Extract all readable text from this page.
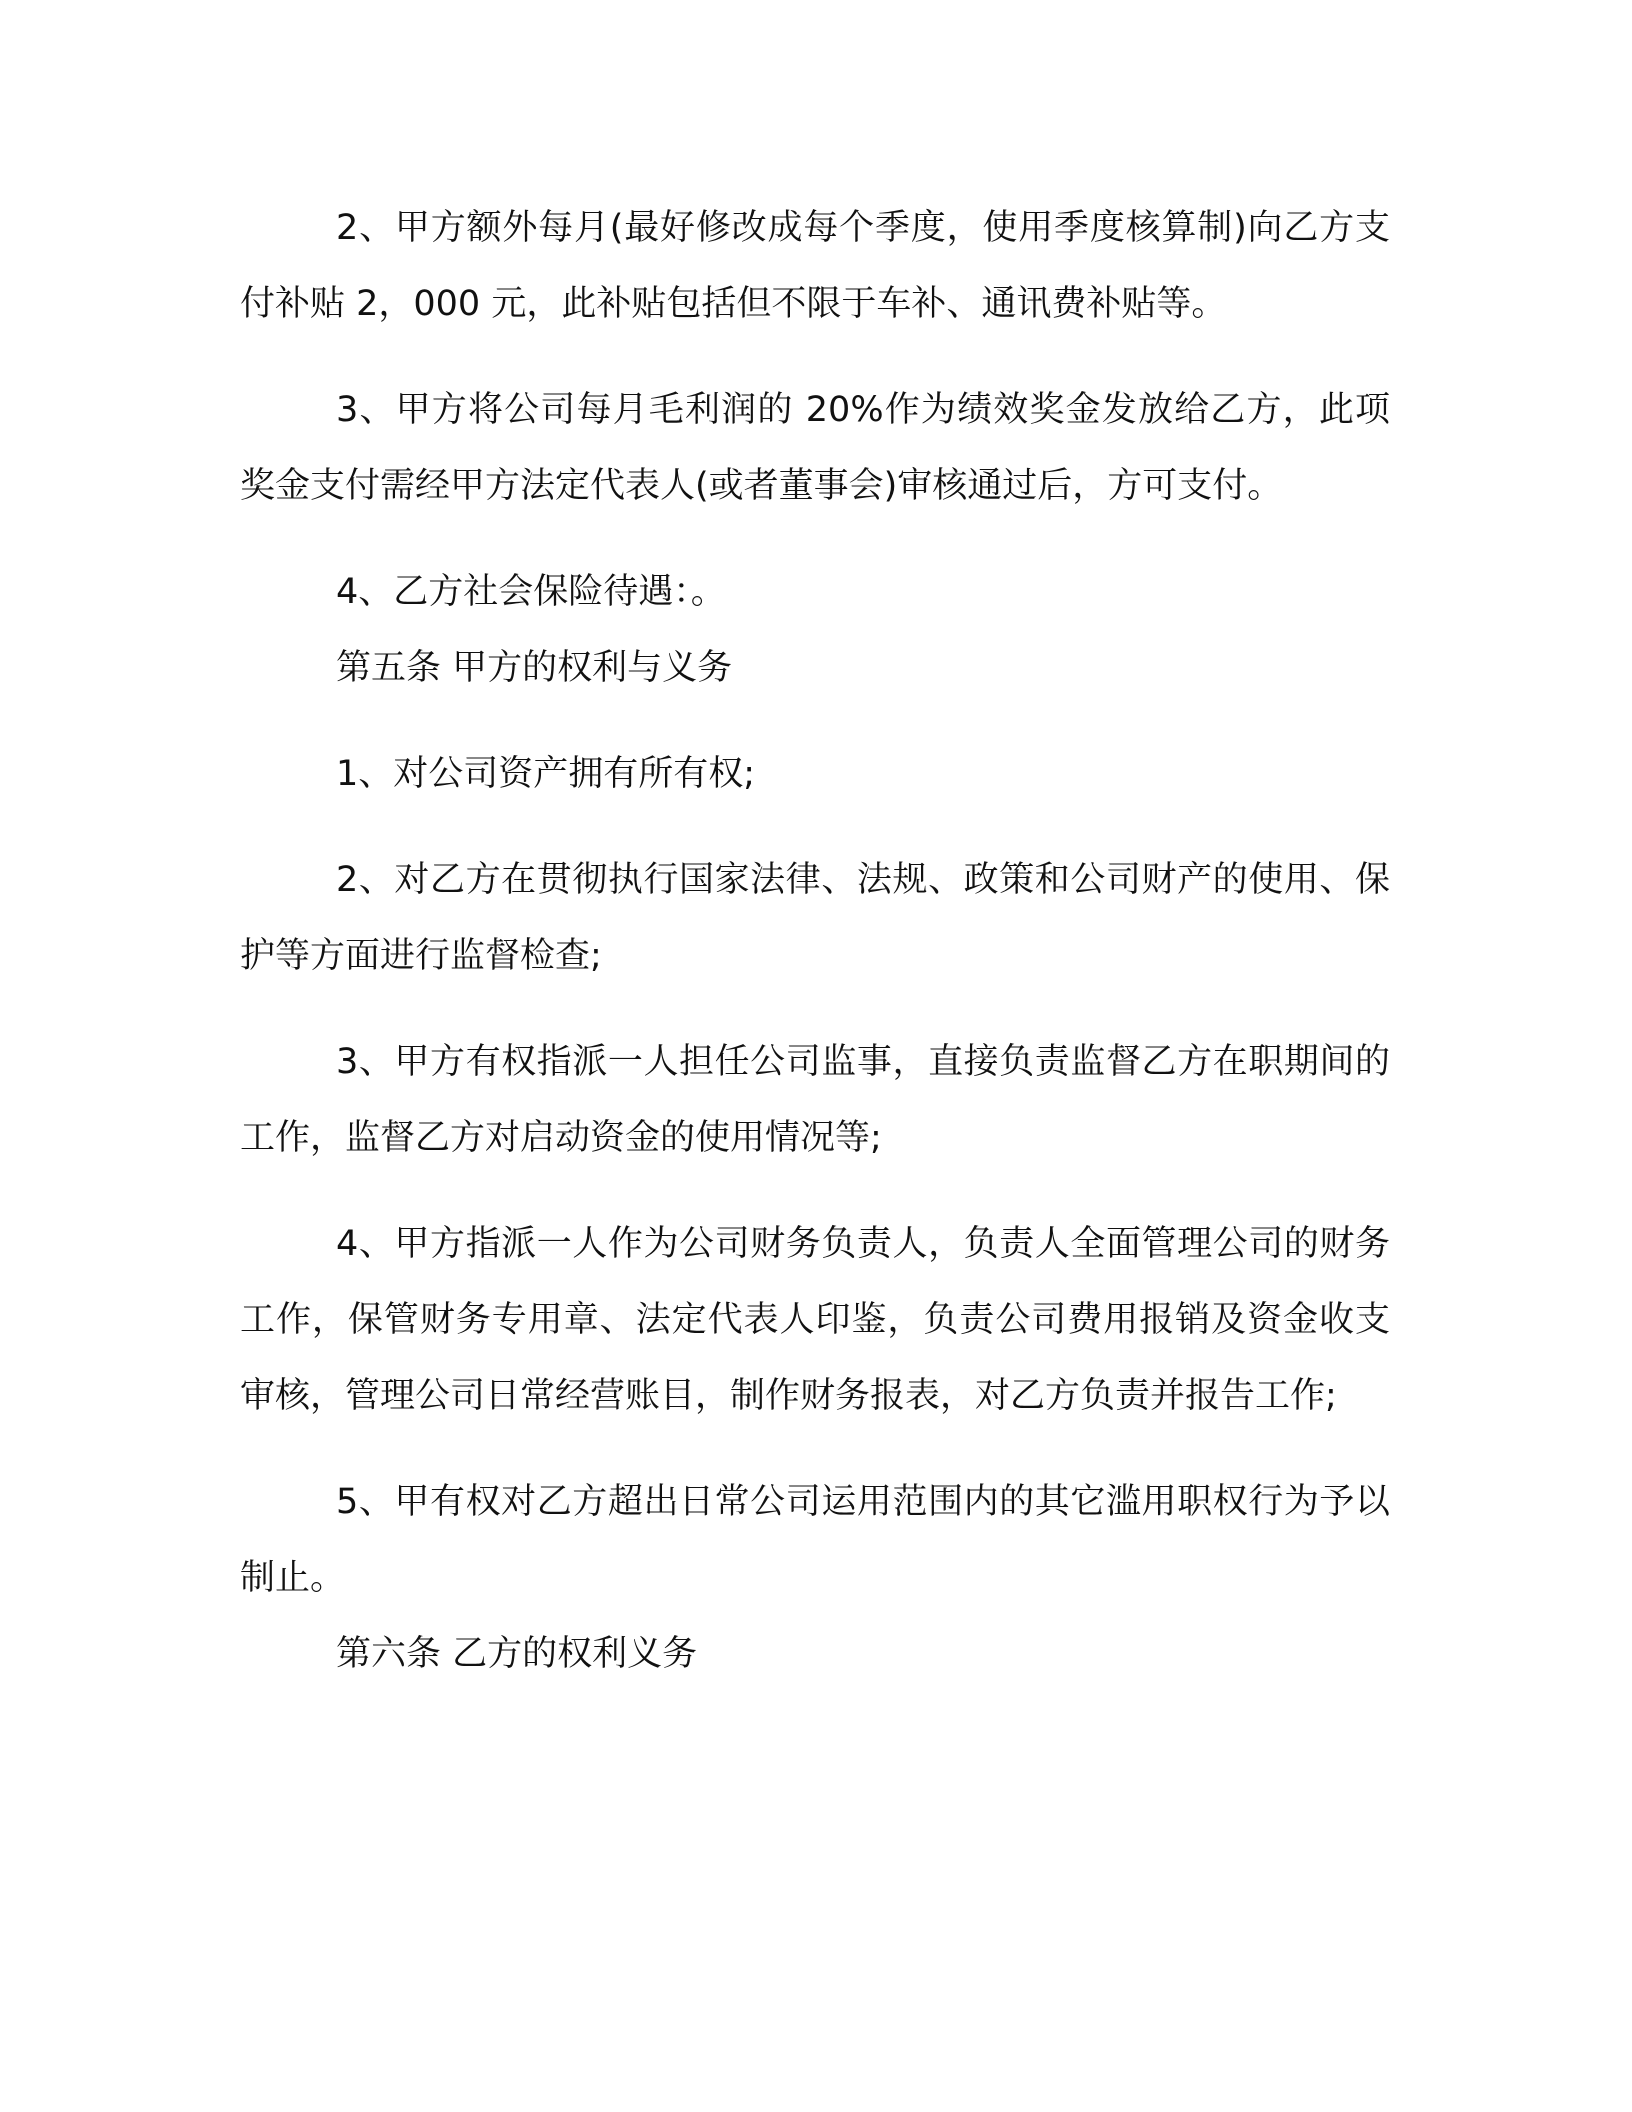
2、甲方额外每月(最好修改成每个季度，使用季度核算制)向乙方支付补贴 2，000 元，此补贴包括但不限于车补、通讯费补贴等。

3、甲方将公司每月毛利润的 20%作为绩效奖金发放给乙方，此项奖金支付需经甲方法定代表人(或者董事会)审核通过后，方可支付。

4、乙方社会保险待遇：。

第五条 甲方的权利与义务

1、对公司资产拥有所有权;

2、对乙方在贯彻执行国家法律、法规、政策和公司财产的使用、保护等方面进行监督检查;

3、甲方有权指派一人担任公司监事，直接负责监督乙方在职期间的工作，监督乙方对启动资金的使用情况等;

4、甲方指派一人作为公司财务负责人，负责人全面管理公司的财务工作，保管财务专用章、法定代表人印鉴，负责公司费用报销及资金收支审核，管理公司日常经营账目，制作财务报表，对乙方负责并报告工作;

5、甲有权对乙方超出日常公司运用范围内的其它滥用职权行为予以制止。

第六条 乙方的权利义务
